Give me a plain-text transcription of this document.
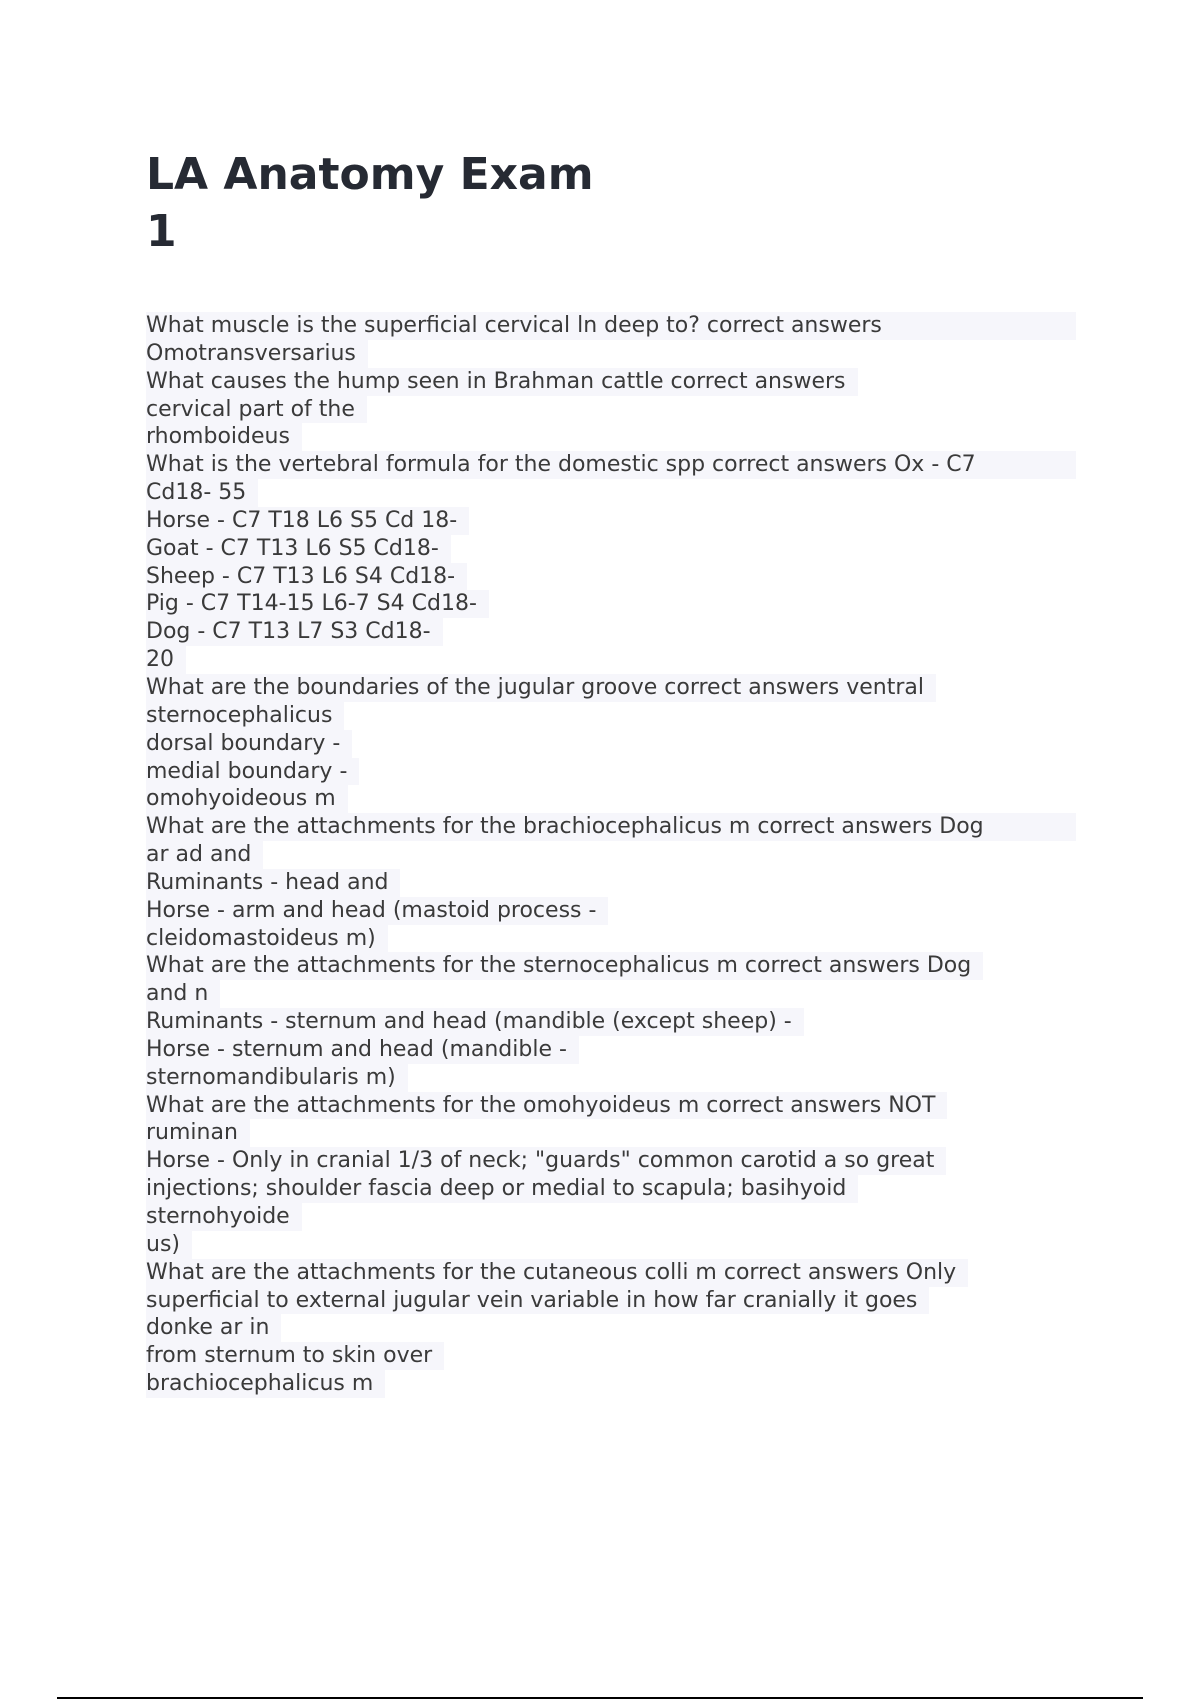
LA Anatomy Exam
1
What muscle is the superficial cervical ln deep to? correct answers
Omotransversarius
What causes the hump seen in Brahman cattle correct answers
cervical part of the
rhomboideus
What is the vertebral formula for the domestic spp correct answers Ox - C7
Cd18- 55
Horse - C7 T18 L6 S5 Cd 18-
Goat - C7 T13 L6 S5 Cd18-
Sheep - C7 T13 L6 S4 Cd18-
Pig - C7 T14-15 L6-7 S4 Cd18-
Dog - C7 T13 L7 S3 Cd18-
20
What are the boundaries of the jugular groove correct answers ventral
sternocephalicus
dorsal boundary -
medial boundary -
omohyoideous m
What are the attachments for the brachiocephalicus m correct answers Dog
ar ad and
Ruminants - head and
Horse - arm and head (mastoid process -
cleidomastoideus m)
What are the attachments for the sternocephalicus m correct answers Dog
and n
Ruminants - sternum and head (mandible (except sheep) -
Horse - sternum and head (mandible -
sternomandibularis m)
What are the attachments for the omohyoideus m correct answers NOT
ruminan
Horse - Only in cranial 1/3 of neck; "guards" common carotid a so great
injections; shoulder fascia deep or medial to scapula; basihyoid
sternohyoide
us)
What are the attachments for the cutaneous colli m correct answers Only
superficial to external jugular vein variable in how far cranially it goes
donke ar in
from sternum to skin over
brachiocephalicus m
